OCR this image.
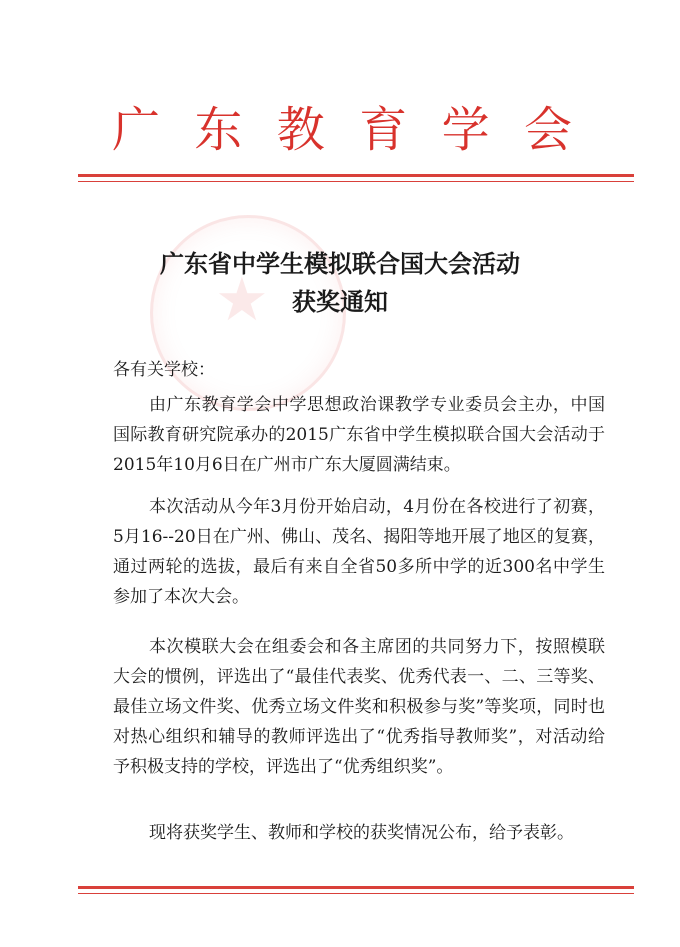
广 东 教 育 学 会
★
广东省中学生模拟联合国大会活动
获奖通知
各有关学校：

由广东教育学会中学思想政治课教学专业委员会主办，中国国际教育研究院承办的2015广东省中学生模拟联合国大会活动于2015年10月6日在广州市广东大厦圆满结束。

本次活动从今年3月份开始启动，4月份在各校进行了初赛，5月16--20日在广州、佛山、茂名、揭阳等地开展了地区的复赛，通过两轮的选拔，最后有来自全省50多所中学的近300名中学生参加了本次大会。

本次模联大会在组委会和各主席团的共同努力下，按照模联大会的惯例，评选出了“最佳代表奖、优秀代表一、二、三等奖、最佳立场文件奖、优秀立场文件奖和积极参与奖”等奖项，同时也对热心组织和辅导的教师评选出了“优秀指导教师奖”，对活动给予积极支持的学校，评选出了“优秀组织奖”。

现将获奖学生、教师和学校的获奖情况公布，给予表彰。
